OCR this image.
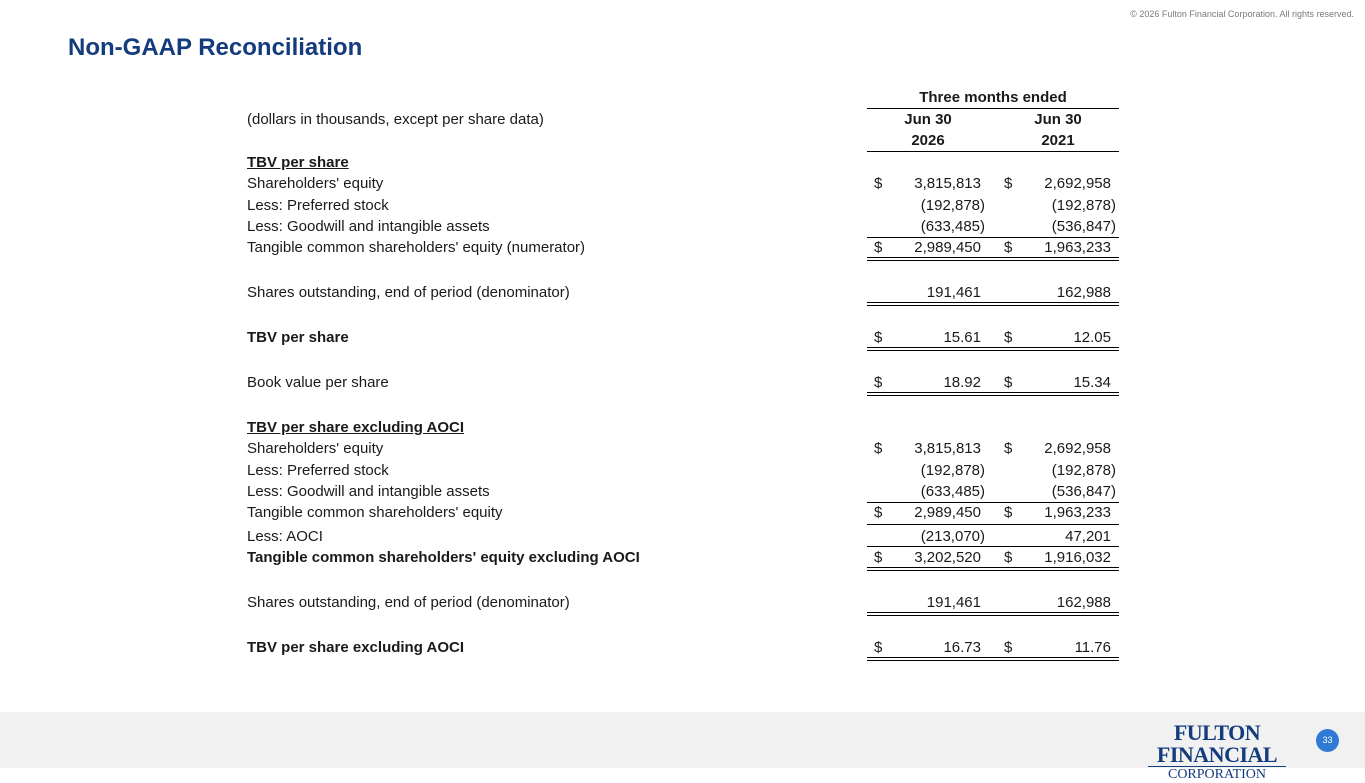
© 2026 Fulton Financial Corporation. All rights reserved.
Non-GAAP Reconciliation
Three months ended
(dollars in thousands, except per share data)	Jun 30	Jun 30
2026	2021
TBV per share
Shareholders' equity	$ 3,815,813 $ 2,692,958
Less: Preferred stock	(192,878)	(192,878)
Less: Goodwill and intangible assets	(633,485)	(536,847)
Tangible common shareholders' equity (numerator)	$ 2,989,450 $ 1,963,233
Shares outstanding, end of period (denominator)	191,461	162,988
TBV per share	$	15.61 $	12.05
Book value per share	$	18.92 $	15.34
TBV per share excluding AOCI
Shareholders' equity	$ 3,815,813 $ 2,692,958
Less: Preferred stock	(192,878)	(192,878)
Less: Goodwill and intangible assets	(633,485)	(536,847)
Tangible common shareholders' equity	$ 2,989,450 $ 1,963,233
Less: AOCI	(213,070)	47,201
Tangible common shareholders' equity excluding AOCI	$ 3,202,520 $ 1,916,032
Shares outstanding, end of period (denominator)	191,461	162,988
TBV per share excluding AOCI	$	16.73 $	11.76
FULTON FINANCIAL
CORPORATION
33
